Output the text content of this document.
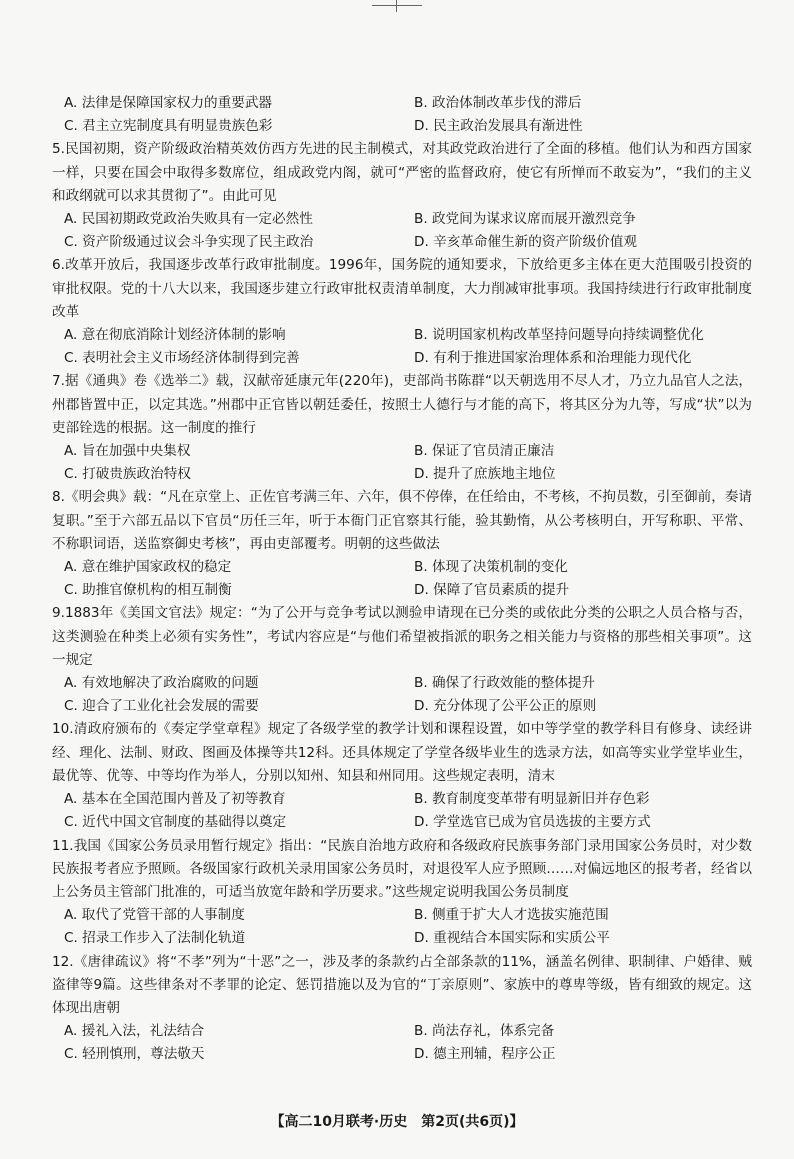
A. 法律是保障国家权力的重要武器	B. 政治体制改革步伐的滞后
C. 君主立宪制度具有明显贵族色彩	D. 民主政治发展具有渐进性

5.民国初期，资产阶级政治精英效仿西方先进的民主制模式，对其政党政治进行了全面的移植。他们认为和西方国家一样，只要在国会中取得多数席位，组成政党内阁，就可“严密的监督政府，使它有所惮而不敢妄为”，“我们的主义和政纲就可以求其贯彻了”。由此可见

A. 民国初期政党政治失败具有一定必然性	B. 政党间为谋求议席而展开激烈竞争
C. 资产阶级通过议会斗争实现了民主政治	D. 辛亥革命催生新的资产阶级价值观

6.改革开放后，我国逐步改革行政审批制度。1996年，国务院的通知要求，下放给更多主体在更大范围吸引投资的审批权限。党的十八大以来，我国逐步建立行政审批权责清单制度，大力削减审批事项。我国持续进行行政审批制度改革

A. 意在彻底消除计划经济体制的影响	B. 说明国家机构改革坚持问题导向持续调整优化
C. 表明社会主义市场经济体制得到完善	D. 有利于推进国家治理体系和治理能力现代化

7.据《通典》卷《选举二》载，汉献帝延康元年(220年)，吏部尚书陈群“以天朝选用不尽人才，乃立九品官人之法，州郡皆置中正，以定其选。”州郡中正官皆以朝廷委任，按照士人德行与才能的高下，将其区分为九等，写成“状”以为吏部铨选的根据。这一制度的推行

A. 旨在加强中央集权	B. 保证了官员清正廉洁
C. 打破贵族政治特权	D. 提升了庶族地主地位

8.《明会典》载：“凡在京堂上、正佐官考满三年、六年，俱不停俸，在任给由，不考核，不拘员数，引至御前，奏请复职。”至于六部五品以下官员“历任三年，听于本衙门正官察其行能，验其勤惰，从公考核明白，开写称职、平常、不称职词语，送监察御史考核”，再由吏部覆考。明朝的这些做法

A. 意在维护国家政权的稳定	B. 体现了决策机制的变化
C. 助推官僚机构的相互制衡	D. 保障了官员素质的提升

9.1883年《美国文官法》规定：“为了公开与竞争考试以测验申请现在已分类的或依此分类的公职之人员合格与否，这类测验在种类上必须有实务性”，考试内容应是“与他们希望被指派的职务之相关能力与资格的那些相关事项”。这一规定

A. 有效地解决了政治腐败的问题	B. 确保了行政效能的整体提升
C. 迎合了工业化社会发展的需要	D. 充分体现了公平公正的原则

10.清政府颁布的《奏定学堂章程》规定了各级学堂的教学计划和课程设置，如中等学堂的教学科目有修身、读经讲经、理化、法制、财政、图画及体操等共12科。还具体规定了学堂各级毕业生的选录方法，如高等实业学堂毕业生，最优等、优等、中等均作为举人，分别以知州、知县和州同用。这些规定表明，清末

A. 基本在全国范围内普及了初等教育	B. 教育制度变革带有明显新旧并存色彩
C. 近代中国文官制度的基础得以奠定	D. 学堂选官已成为官员选拔的主要方式

11.我国《国家公务员录用暂行规定》指出：“民族自治地方政府和各级政府民族事务部门录用国家公务员时，对少数民族报考者应予照顾。各级国家行政机关录用国家公务员时，对退役军人应予照顾……对偏远地区的报考者，经省以上公务员主管部门批准的，可适当放宽年龄和学历要求。”这些规定说明我国公务员制度

A. 取代了党管干部的人事制度	B. 侧重于扩大人才选拔实施范围
C. 招录工作步入了法制化轨道	D. 重视结合本国实际和实质公平

12.《唐律疏议》将“不孝”列为“十恶”之一，涉及孝的条款约占全部条款的11%，涵盖名例律、职制律、户婚律、贼盗律等9篇。这些律条对不孝罪的论定、惩罚措施以及为官的“丁亲原则”、家族中的尊卑等级，皆有细致的规定。这体现出唐朝

A. 援礼入法，礼法结合	B. 尚法存礼，体系完备
C. 轻刑慎刑，尊法敬天	D. 德主刑辅，程序公正
【高二10月联考·历史　第2页(共6页)】
